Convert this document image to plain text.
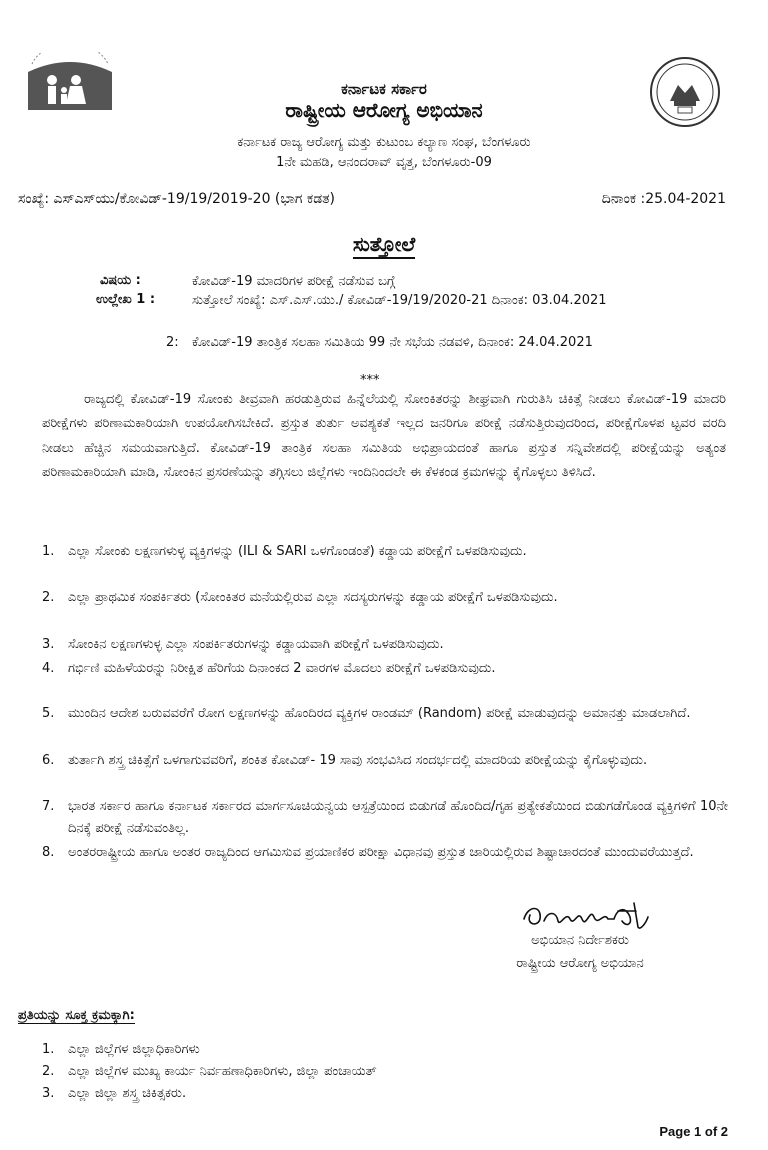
ಕರ್ನಾಟಕ ಸರ್ಕಾರ
ರಾಷ್ಟ್ರೀಯ ಆರೋಗ್ಯ ಅಭಿಯಾನ
ಕರ್ನಾಟಕ ರಾಜ್ಯ ಆರೋಗ್ಯ ಮತ್ತು ಕುಟುಂಬ ಕಲ್ಯಾಣ ಸಂಘ, ಬೆಂಗಳೂರು
1ನೇ ಮಹಡಿ, ಆನಂದರಾವ್ ವೃತ್ತ, ಬೆಂಗಳೂರು-09
ಸಂಖ್ಯೆ: ಎಸ್‌ಎಸ್‌ಯು/ಕೋವಿಡ್-19/19/2019-20 (ಭಾಗ ಕಡತ)	ದಿನಾಂಕ :25.04-2021
ಸುತ್ತೋಲೆ
ವಿಷಯ :	ಕೋವಿಡ್-19 ಮಾದರಿಗಳ ಪರೀಕ್ಷೆ ನಡೆಸುವ ಬಗ್ಗೆ
ಉಲ್ಲೇಖ 1 :	ಸುತ್ತೋಲೆ ಸಂಖ್ಯೆ: ಎಸ್.ಎಸ್.ಯು./ ಕೋವಿಡ್-19/19/2020-21 ದಿನಾಂಕ: 03.04.2021
2: ಕೋವಿಡ್-19 ತಾಂತ್ರಿಕ ಸಲಹಾ ಸಮಿತಿಯ 99 ನೇ ಸಭೆಯ ನಡವಳಿ, ದಿನಾಂಕ: 24.04.2021
***
ರಾಜ್ಯದಲ್ಲಿ ಕೋವಿಡ್-19 ಸೋಂಕು ತೀವ್ರವಾಗಿ ಹರಡುತ್ತಿರುವ ಹಿನ್ನೆಲೆಯಲ್ಲಿ ಸೋಂಕಿತರನ್ನು ಶೀಘ್ರವಾಗಿ ಗುರುತಿಸಿ ಚಿಕಿತ್ಸೆ ನೀಡಲು ಕೋವಿಡ್-19 ಮಾದರಿ ಪರೀಕ್ಷೆಗಳು ಪರಿಣಾಮಕಾರಿಯಾಗಿ ಉಪಯೋಗಿಸಬೇಕಿದೆ. ಪ್ರಸ್ತುತ ತುರ್ತು ಅವಶ್ಯಕತೆ ಇಲ್ಲದ ಜನರಿಗೂ ಪರೀಕ್ಷೆ ನಡೆಸುತ್ತಿರುವುದರಿಂದ, ಪರೀಕ್ಷೆಗೊಳಪ ಟ್ಟವರ ವರದಿ ನೀಡಲು ಹೆಚ್ಚಿನ ಸಮಯವಾಗುತ್ತಿದೆ. ಕೋವಿಡ್-19 ತಾಂತ್ರಿಕ ಸಲಹಾ ಸಮಿತಿಯ ಅಭಿಪ್ರಾಯದಂತೆ ಹಾಗೂ ಪ್ರಸ್ತುತ ಸನ್ನಿವೇಶದಲ್ಲಿ ಪರೀಕ್ಷೆಯನ್ನು ಅತ್ಯಂತ ಪರಿಣಾಮಕಾರಿಯಾಗಿ ಮಾಡಿ, ಸೋಂಕಿನ ಪ್ರಸರಣೆಯನ್ನು ತಗ್ಗಿಸಲು ಜಿಲ್ಲೆಗಳು ಇಂದಿನಿಂದಲೇ ಈ ಕೆಳಕಂಡ ಕ್ರಮಗಳನ್ನು ಕೈಗೊಳ್ಳಲು ತಿಳಿಸಿದೆ.
1. ಎಲ್ಲಾ ಸೋಂಕು ಲಕ್ಷಣಗಳುಳ್ಳ ವ್ಯಕ್ತಿಗಳನ್ನು (ILI & SARI ಒಳಗೊಂಡಂತೆ) ಕಡ್ಡಾಯ ಪರೀಕ್ಷೆಗೆ ಒಳಪಡಿಸುವುದು.
2. ಎಲ್ಲಾ ಪ್ರಾಥಮಿಕ ಸಂಪರ್ಕಿತರು (ಸೋಂಕಿತರ ಮನೆಯಲ್ಲಿರುವ ಎಲ್ಲಾ ಸದಸ್ಯರುಗಳನ್ನು ಕಡ್ಡಾಯ ಪರೀಕ್ಷೆಗೆ ಒಳಪಡಿಸುವುದು.
3. ಸೋಂಕಿನ ಲಕ್ಷಣಗಳುಳ್ಳ ಎಲ್ಲಾ ಸಂಪರ್ಕಿತರುಗಳನ್ನು ಕಡ್ಡಾಯವಾಗಿ ಪರೀಕ್ಷೆಗೆ ಒಳಪಡಿಸುವುದು.
4. ಗರ್ಭಿಣಿ ಮಹಿಳೆಯರನ್ನು ನಿರೀಕ್ಷಿತ ಹೆರಿಗೆಯ ದಿನಾಂಕದ 2 ವಾರಗಳ ಮೊದಲು ಪರೀಕ್ಷೆಗೆ ಒಳಪಡಿಸುವುದು.
5. ಮುಂದಿನ ಆದೇಶ ಬರುವವರೆಗೆ ರೋಗ ಲಕ್ಷಣಗಳನ್ನು ಹೊಂದಿರದ ವ್ಯಕ್ತಿಗಳ ರಾಂಡಮ್ (Random) ಪರೀಕ್ಷೆ ಮಾಡುವುದನ್ನು ಅಮಾನತ್ತು ಮಾಡಲಾಗಿದೆ.
6. ತುರ್ತಾಗಿ ಶಸ್ತ್ರ ಚಿಕಿತ್ಸೆಗೆ ಒಳಗಾಗುವವರಿಗೆ, ಶಂಕಿತ ಕೋವಿಡ್- 19 ಸಾವು ಸಂಭವಿಸಿದ ಸಂದರ್ಭದಲ್ಲಿ ಮಾದರಿಯ ಪರೀಕ್ಷೆಯನ್ನು ಕೈಗೊಳ್ಳುವುದು.
7. ಭಾರತ ಸರ್ಕಾರ ಹಾಗೂ ಕರ್ನಾಟಕ ಸರ್ಕಾರದ ಮಾರ್ಗಸೂಚಿಯನ್ವಯ ಆಸ್ಪತ್ರೆಯಿಂದ ಬಿಡುಗಡೆ ಹೊಂದಿದ/ಗೃಹ ಪ್ರತ್ಯೇಕತೆಯಿಂದ ಬಿಡುಗಡೆಗೊಂಡ ವ್ಯಕ್ತಿಗಳಿಗೆ 10ನೇ ದಿನಕ್ಕೆ ಪರೀಕ್ಷೆ ನಡೆಸುವಂತಿಲ್ಲ.
8. ಅಂತರರಾಷ್ಟ್ರೀಯ ಹಾಗೂ ಅಂತರ ರಾಜ್ಯದಿಂದ ಆಗಮಿಸುವ ಪ್ರಯಾಣಿಕರ ಪರೀಕ್ಷಾ ವಿಧಾನವು ಪ್ರಸ್ತುತ ಜಾರಿಯಲ್ಲಿರುವ ಶಿಷ್ಟಾಚಾರದಂತೆ ಮುಂದುವರೆಯುತ್ತದೆ.
ಅಭಿಯಾನ ನಿರ್ದೇಶಕರು
ರಾಷ್ಟ್ರೀಯ ಆರೋಗ್ಯ ಅಭಿಯಾನ
ಪ್ರತಿಯನ್ನು ಸೂಕ್ತ ಕ್ರಮಕ್ಕಾಗಿ:
1. ಎಲ್ಲಾ ಜಿಲ್ಲೆಗಳ ಜಿಲ್ಲಾಧಿಕಾರಿಗಳು
2. ಎಲ್ಲಾ ಜಿಲ್ಲೆಗಳ ಮುಖ್ಯ ಕಾರ್ಯ ನಿರ್ವಹಣಾಧಿಕಾರಿಗಳು, ಜಿಲ್ಲಾ ಪಂಚಾಯತ್
3. ಎಲ್ಲಾ ಜಿಲ್ಲಾ ಶಸ್ತ್ರ ಚಿಕಿತ್ಸಕರು.
Page 1 of 2
